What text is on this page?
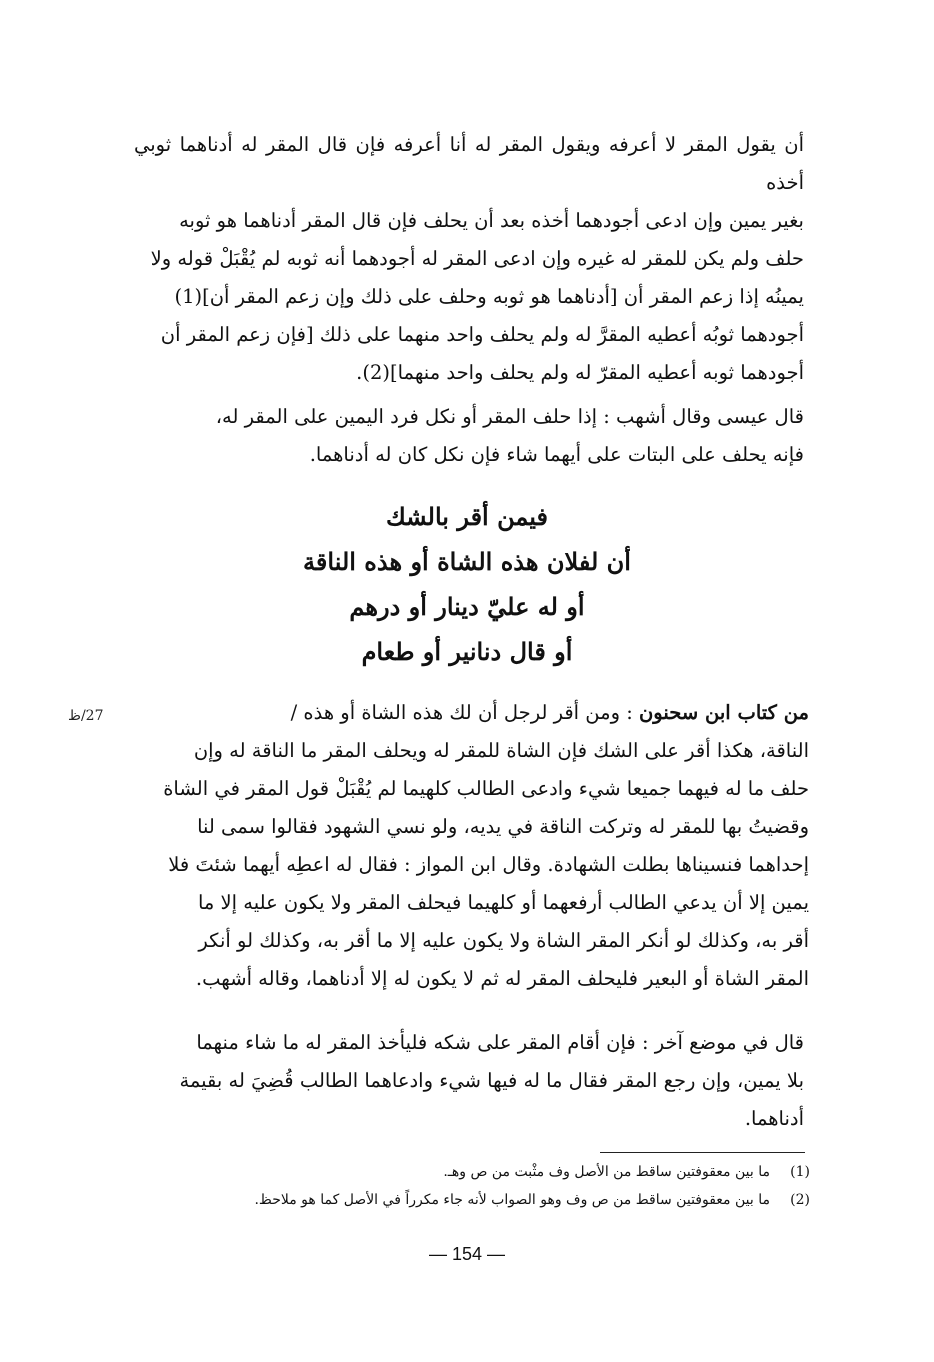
أن يقول المقر لا أعرفه ويقول المقر له أنا أعرفه فإن قال المقر له أدناهما ثوبي أخذه
بغير يمين وإن ادعى أجودهما أخذه بعد أن يحلف فإن قال المقر أدناهما هو ثوبه
حلف ولم يكن للمقر له غيره وإن ادعى المقر له أجودهما أنه ثوبه لم يُقْبَلْ قوله ولا
يمينُه إذا زعم المقر أن [أدناهما هو ثوبه وحلف على ذلك وإن زعم المقر أن](1)
أجودهما ثوبُه أعطيه المقرَّ له ولم يحلف واحد منهما على ذلك [فإن زعم المقر أن
أجودهما ثوبه أعطيه المقرّ له ولم يحلف واحد منهما](2).
قال عيسى وقال أشهب : إذا حلف المقر أو نكل فرد اليمين على المقر له،
فإنه يحلف على البتات على أيهما شاء فإن نكل كان له أدناهما.
فيمن أقر بالشك
أن لفلان هذه الشاة أو هذه الناقة
أو له عليّ دينار أو درهم
أو قال دنانير أو طعام
27/ظ	من كتاب ابن سحنون : ومن أقر لرجل أن لك هذه الشاة أو هذه /
الناقة، هكذا أقر على الشك فإن الشاة للمقر له ويحلف المقر ما الناقة له وإن
حلف ما له فيهما جميعا شيء وادعى الطالب كلهيما لم يُقْبَلْ قول المقر في الشاة
وقضيتُ بها للمقر له وتركت الناقة في يديه، ولو نسي الشهود فقالوا سمى لنا
إحداهما فنسيناها بطلت الشهادة. وقال ابن المواز : فقال له اعطِه أيهما شئتَ فلا
يمين إلا أن يدعي الطالب أرفعهما أو كلهيما فيحلف المقر ولا يكون عليه إلا ما
أقر به، وكذلك لو أنكر المقر الشاة ولا يكون عليه إلا ما أقر به، وكذلك لو أنكر
المقر الشاة أو البعير فليحلف المقر له ثم لا يكون له إلا أدناهما، وقاله أشهب.
قال في موضع آخر : فإن أقام المقر على شكه فليأخذ المقر له ما شاء منهما
بلا يمين، وإن رجع المقر فقال ما له فيها شيء وادعاهما الطالب قُضِيَ له بقيمة
أدناهما.
(1)ما بين معقوفتين ساقط من الأصل وف مثْبت من ص وهـ.
(2)ما بين معقوفتين ساقط من ص وف وهو الصواب لأنه جاء مكرراً في الأصل كما هو ملاحظ.
— 154 —
